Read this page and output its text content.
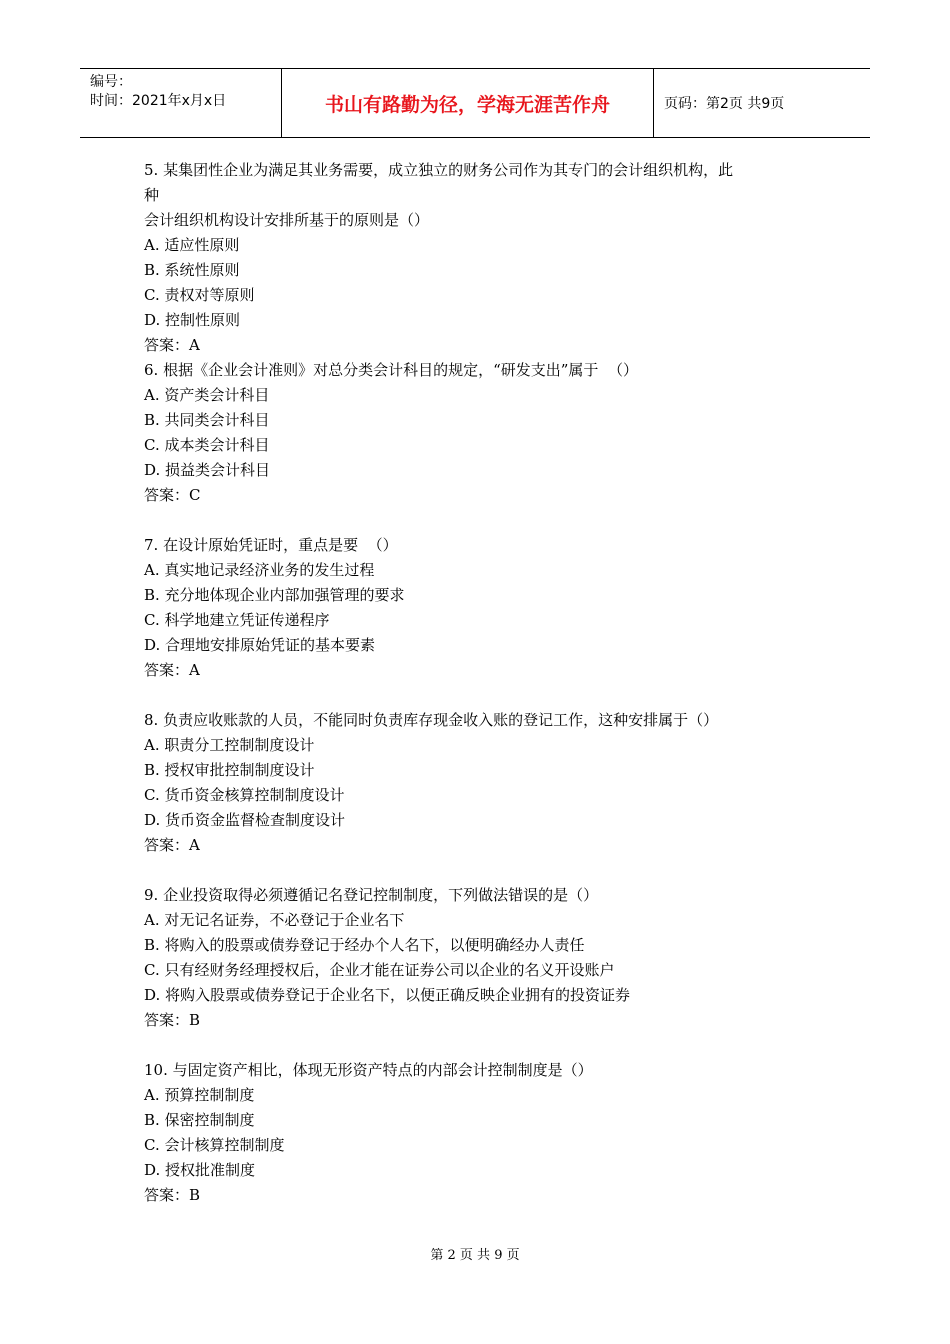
编号：
时间：2021年x月x日	书山有路勤为径，学海无涯苦作舟	页码：第2页 共9页
5. 某集团性企业为满足其业务需要，成立独立的财务公司作为其专门的会计组织机构，此
种
会计组织机构设计安排所基于的原则是（）
A. 适应性原则
B. 系统性原则
C. 责权对等原则
D. 控制性原则
答案：A
6. 根据《企业会计准则》对总分类会计科目的规定，“研发支出”属于  （）
A. 资产类会计科目
B. 共同类会计科目
C. 成本类会计科目
D. 损益类会计科目
答案：C
7. 在设计原始凭证时，重点是要  （）
A. 真实地记录经济业务的发生过程
B. 充分地体现企业内部加强管理的要求
C. 科学地建立凭证传递程序
D. 合理地安排原始凭证的基本要素
答案：A
8. 负责应收账款的人员，不能同时负责库存现金收入账的登记工作，这种安排属于（）
A. 职责分工控制制度设计
B. 授权审批控制制度设计
C. 货币资金核算控制制度设计
D. 货币资金监督检查制度设计
答案：A
9. 企业投资取得必须遵循记名登记控制制度，下列做法错误的是（）
A. 对无记名证券，不必登记于企业名下
B. 将购入的股票或债券登记于经办个人名下，以便明确经办人责任
C. 只有经财务经理授权后，企业才能在证券公司以企业的名义开设账户
D. 将购入股票或债券登记于企业名下，以便正确反映企业拥有的投资证券
答案：B
10. 与固定资产相比，体现无形资产特点的内部会计控制制度是（）
A. 预算控制制度
B. 保密控制制度
C. 会计核算控制制度
D. 授权批准制度
答案：B
第 2 页 共 9 页
